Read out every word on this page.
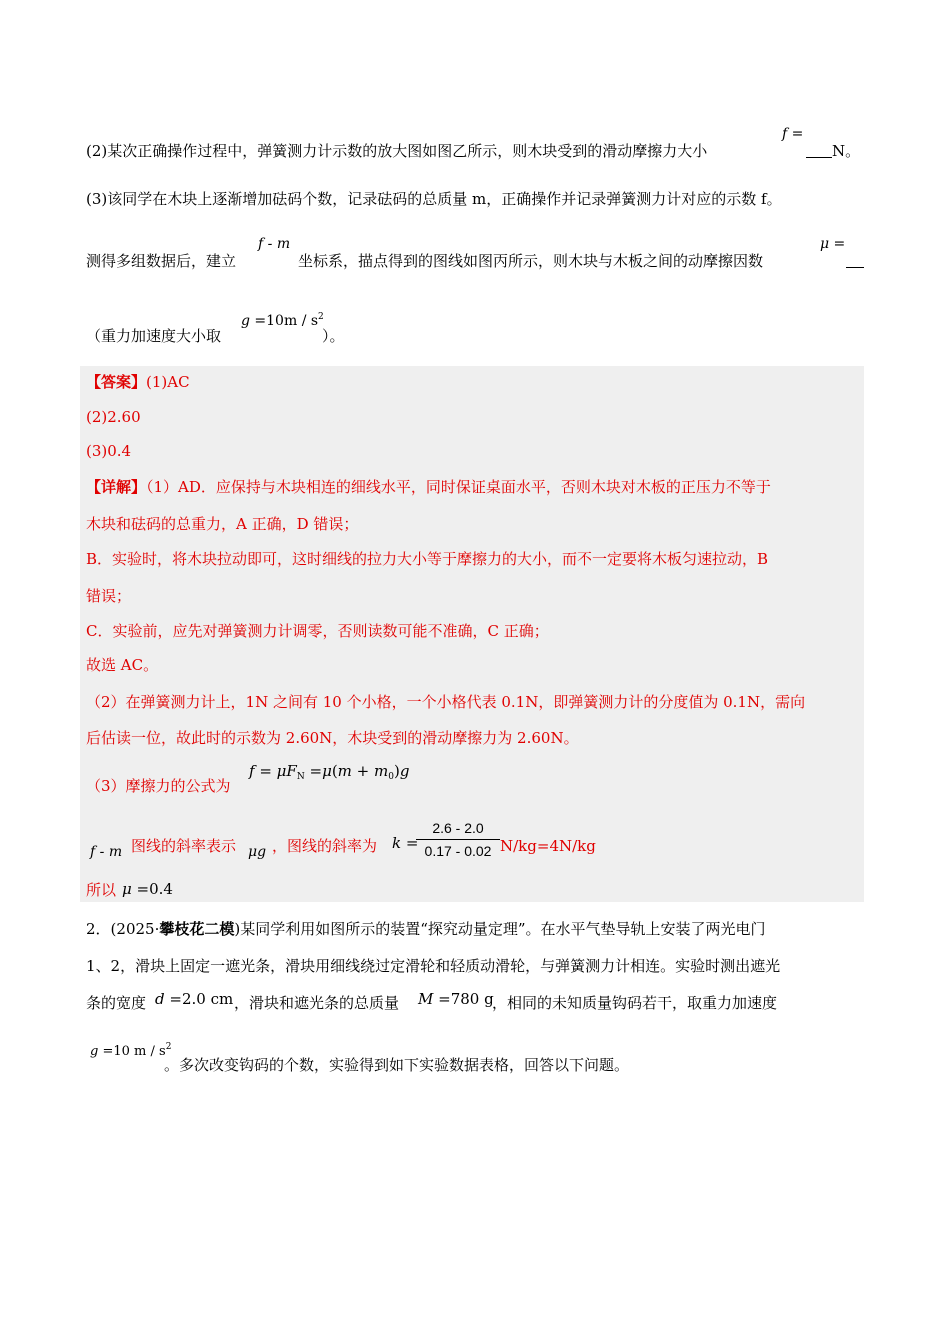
(2)某次正确操作过程中，弹簧测力计示数的放大图如图乙所示，则木块受到的滑动摩擦力大小
f =
N。
(3)该同学在木块上逐渐增加砝码个数，记录砝码的总质量 m，正确操作并记录弹簧测力计对应的示数 f。
f - m
测得多组数据后，建立	坐标系，描点得到的图线如图丙所示，则木块与木板之间的动摩擦因数
μ =
（重力加速度大小取
$g =10m / s^2$
）。
【答案】(1)AC
(2)2.60
(3)0.4
【详解】（1）AD．应保持与木块相连的细线水平，同时保证桌面水平，否则木块对木板的正压力不等于
木块和砝码的总重力，A 正确，D 错误；
B．实验时，将木块拉动即可，这时细线的拉力大小等于摩擦力的大小，而不一定要将木板匀速拉动，B
错误；
C．实验前，应先对弹簧测力计调零，否则读数可能不准确，C 正确；
故选 AC。
（2）在弹簧测力计上，1N 之间有 10 个小格，一个小格代表 0.1N，即弹簧测力计的分度值为 0.1N，需向
后估读一位，故此时的示数为 2.60N，木块受到的滑动摩擦力为 2.60N。
（3）摩擦力的公式为
$f = \mu F_N =\mu(m + m_0)g$
f - m 图线的斜率表示 μg ，图线的斜率为 k =
2.6 - 2.0
0.17 - 0.02 N/kg=4N/kg
所以 μ =0.4
2．(2025·攀枝花二模)某同学利用如图所示的装置“探究动量定理”。在水平气垫导轨上安装了两光电门
1、2，滑块上固定一遮光条，滑块用细线绕过定滑轮和轻质动滑轮，与弹簧测力计相连。实验时测出遮光
条的宽度 d =2.0 cm ，滑块和遮光条的总质量 M =780 g
，相同的未知质量钩码若干，取重力加速度
g =10 m / $s^2$
。多次改变钩码的个数，实验得到如下实验数据表格，回答以下问题。
